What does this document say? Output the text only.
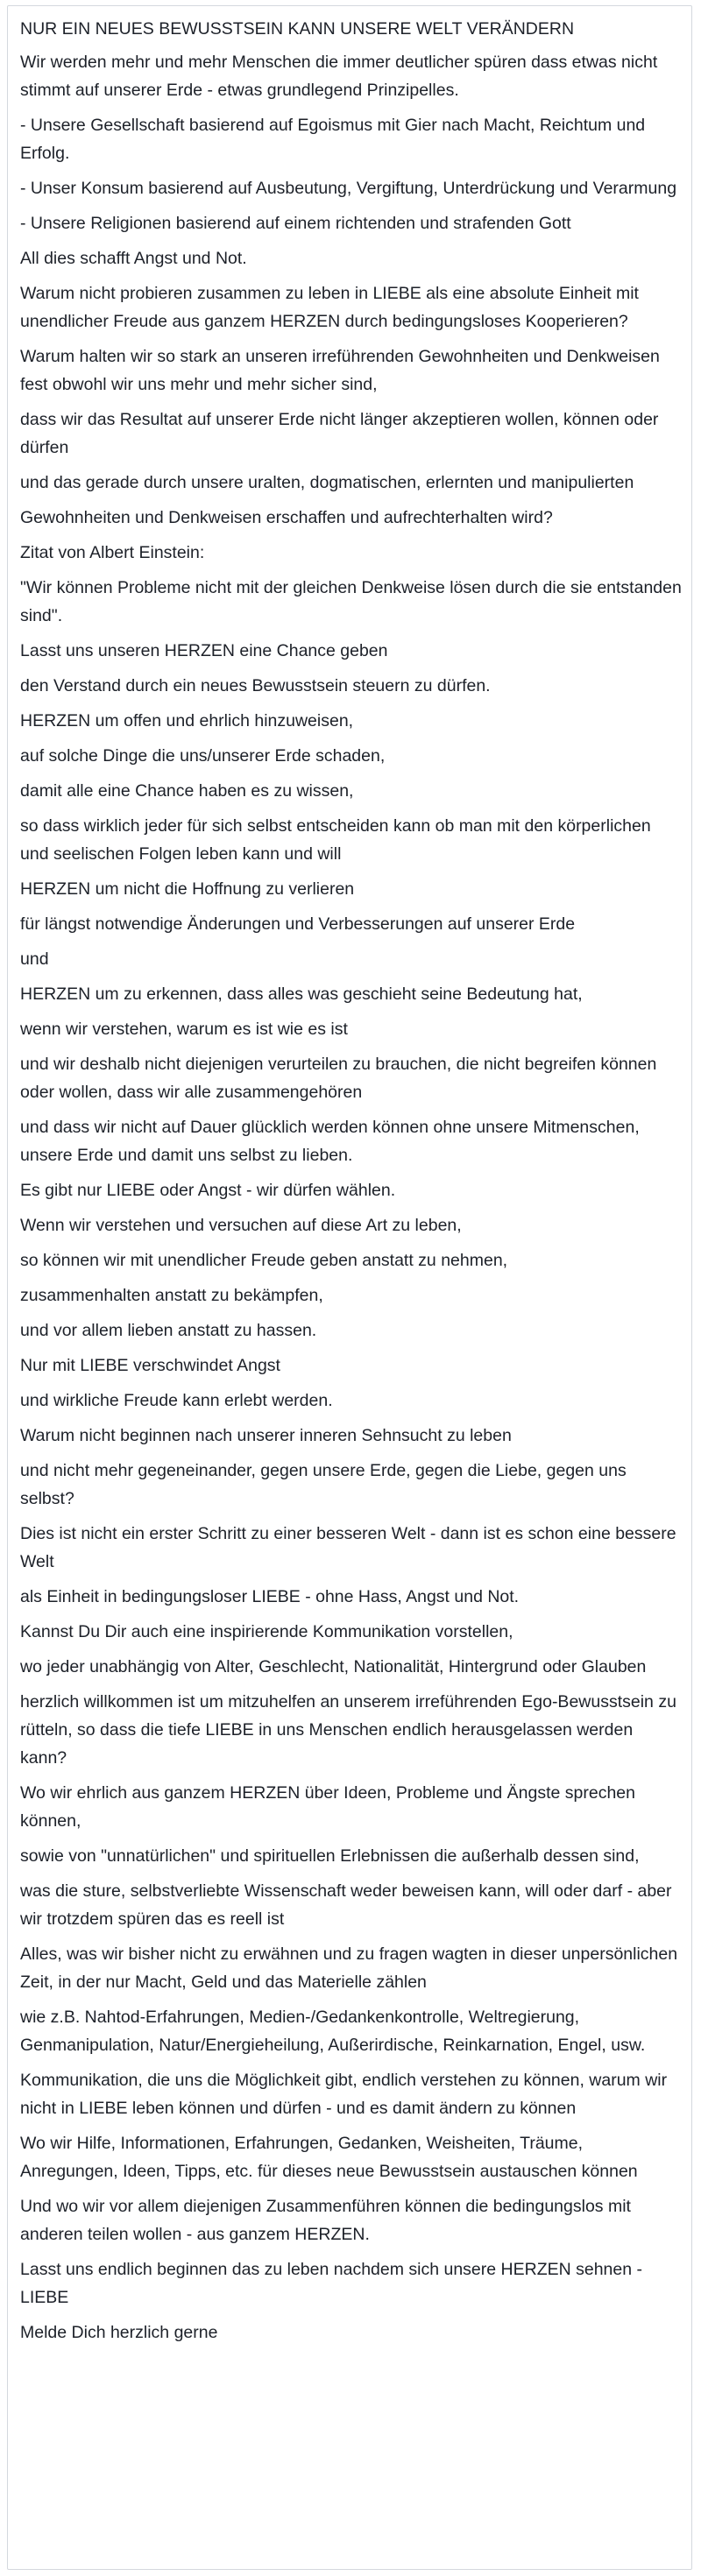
NUR EIN NEUES BEWUSSTSEIN KANN UNSERE WELT VERÄNDERN

Wir werden mehr und mehr Menschen die immer deutlicher spüren dass etwas nicht stimmt auf unserer Erde - etwas grundlegend Prinzipelles.

- Unsere Gesellschaft basierend auf Egoismus mit Gier nach Macht, Reichtum und Erfolg.

- Unser Konsum basierend auf Ausbeutung, Vergiftung, Unterdrückung und Verarmung

- Unsere Religionen basierend auf einem richtenden und strafenden Gott

All dies schafft Angst und Not.

Warum nicht probieren zusammen zu leben in LIEBE als eine absolute Einheit mit unendlicher Freude aus ganzem HERZEN durch bedingungsloses Kooperieren?

Warum halten wir so stark an unseren irreführenden Gewohnheiten und Denkweisen fest obwohl wir uns mehr und mehr sicher sind,

dass wir das Resultat auf unserer Erde nicht länger akzeptieren wollen, können oder dürfen

und das gerade durch unsere uralten, dogmatischen, erlernten und manipulierten

Gewohnheiten und Denkweisen erschaffen und aufrechterhalten wird?

Zitat von Albert Einstein:

"Wir können Probleme nicht mit der gleichen Denkweise lösen durch die sie entstanden sind".

Lasst uns unseren HERZEN eine Chance geben

den Verstand durch ein neues Bewusstsein steuern zu dürfen.

HERZEN um offen und ehrlich hinzuweisen,

auf solche Dinge die uns/unserer Erde schaden,

damit alle eine Chance haben es zu wissen,

so dass wirklich jeder für sich selbst entscheiden kann ob man mit den körperlichen und seelischen Folgen leben kann und will

HERZEN um nicht die Hoffnung zu verlieren

für längst notwendige Änderungen und Verbesserungen auf unserer Erde

und

HERZEN um zu erkennen, dass alles was geschieht seine Bedeutung hat,

wenn wir verstehen, warum es ist wie es ist

und wir deshalb nicht diejenigen verurteilen zu brauchen, die nicht begreifen können oder wollen, dass wir alle zusammengehören

und dass wir nicht auf Dauer glücklich werden können ohne unsere Mitmenschen, unsere Erde und damit uns selbst zu lieben.

Es gibt nur LIEBE oder Angst - wir dürfen wählen.

Wenn wir verstehen und versuchen auf diese Art zu leben,

so können wir mit unendlicher Freude geben anstatt zu nehmen,

zusammenhalten anstatt zu bekämpfen,

und vor allem lieben anstatt zu hassen.

Nur mit LIEBE verschwindet Angst

und wirkliche Freude kann erlebt werden.

Warum nicht beginnen nach unserer inneren Sehnsucht zu leben

und nicht mehr gegeneinander, gegen unsere Erde, gegen die Liebe, gegen uns selbst?

Dies ist nicht ein erster Schritt zu einer besseren Welt - dann ist es schon eine bessere Welt

als Einheit in bedingungsloser LIEBE - ohne Hass, Angst und Not.

Kannst Du Dir auch eine inspirierende Kommunikation vorstellen,

wo jeder unabhängig von Alter, Geschlecht, Nationalität, Hintergrund oder Glauben

herzlich willkommen ist um mitzuhelfen an unserem irreführenden Ego-Bewusstsein zu rütteln, so dass die tiefe LIEBE in uns Menschen endlich herausgelassen werden kann?

Wo wir ehrlich aus ganzem HERZEN über Ideen, Probleme und Ängste sprechen können,

sowie von "unnatürlichen" und spirituellen Erlebnissen die außerhalb dessen sind,

was die sture, selbstverliebte Wissenschaft weder beweisen kann, will oder darf - aber wir trotzdem spüren das es reell ist

Alles, was wir bisher nicht zu erwähnen und zu fragen wagten in dieser unpersönlichen Zeit, in der nur Macht, Geld und das Materielle zählen

wie z.B. Nahtod-Erfahrungen, Medien-/Gedankenkontrolle, Weltregierung, Genmanipulation, Natur/Energieheilung, Außerirdische, Reinkarnation, Engel, usw.

Kommunikation, die uns die Möglichkeit gibt, endlich verstehen zu können, warum wir nicht in LIEBE leben können und dürfen - und es damit ändern zu können

Wo wir Hilfe, Informationen, Erfahrungen, Gedanken, Weisheiten, Träume, Anregungen, Ideen, Tipps, etc. für dieses neue Bewusstsein austauschen können

Und wo wir vor allem diejenigen Zusammenführen können die bedingungslos mit anderen teilen wollen - aus ganzem HERZEN.

Lasst uns endlich beginnen das zu leben nachdem sich unsere HERZEN sehnen - LIEBE

Melde Dich herzlich gerne
